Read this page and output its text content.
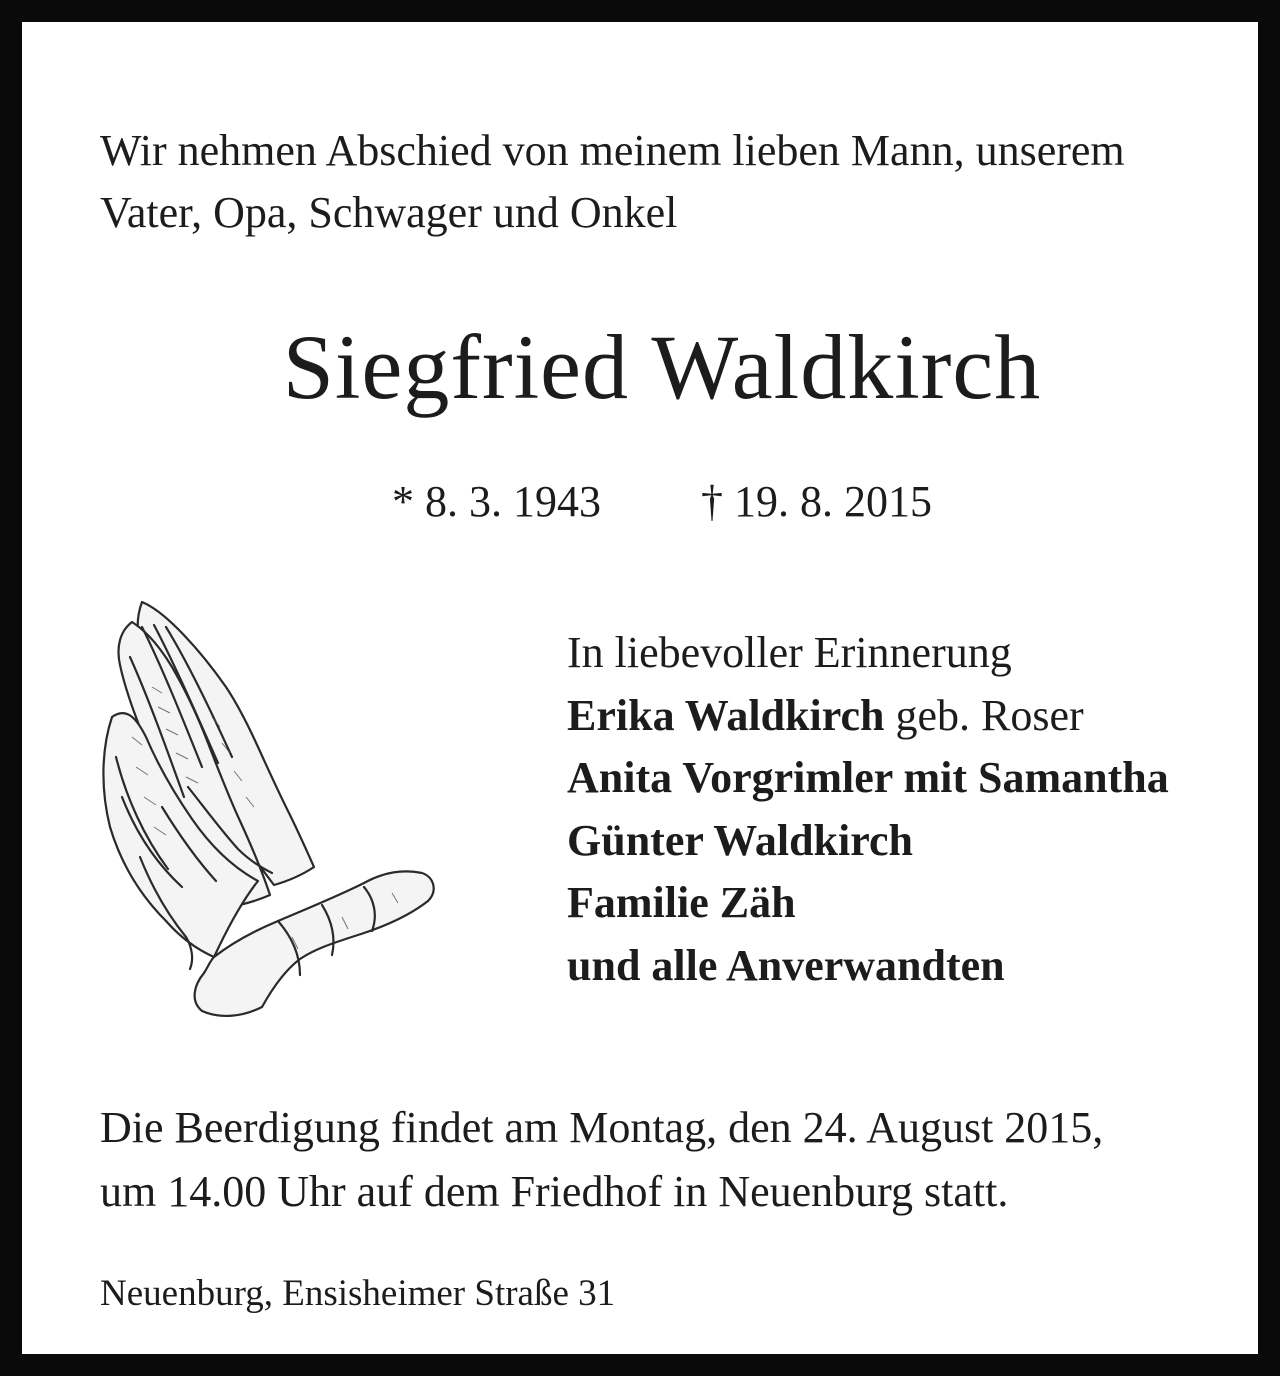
Wir nehmen Abschied von meinem lieben Mann, unserem
Vater, Opa, Schwager und Onkel
Siegfried Waldkirch
* 8. 3. 1943 † 19. 8. 2015
In liebevoller Erinnerung
Erika Waldkirch geb. Roser
Anita Vorgrimler mit Samantha
Günter Waldkirch
Familie Zäh
und alle Anverwandten
Die Beerdigung findet am Montag, den 24. August 2015,
um 14.00 Uhr auf dem Friedhof in Neuenburg statt.
Neuenburg, Ensisheimer Straße 31
